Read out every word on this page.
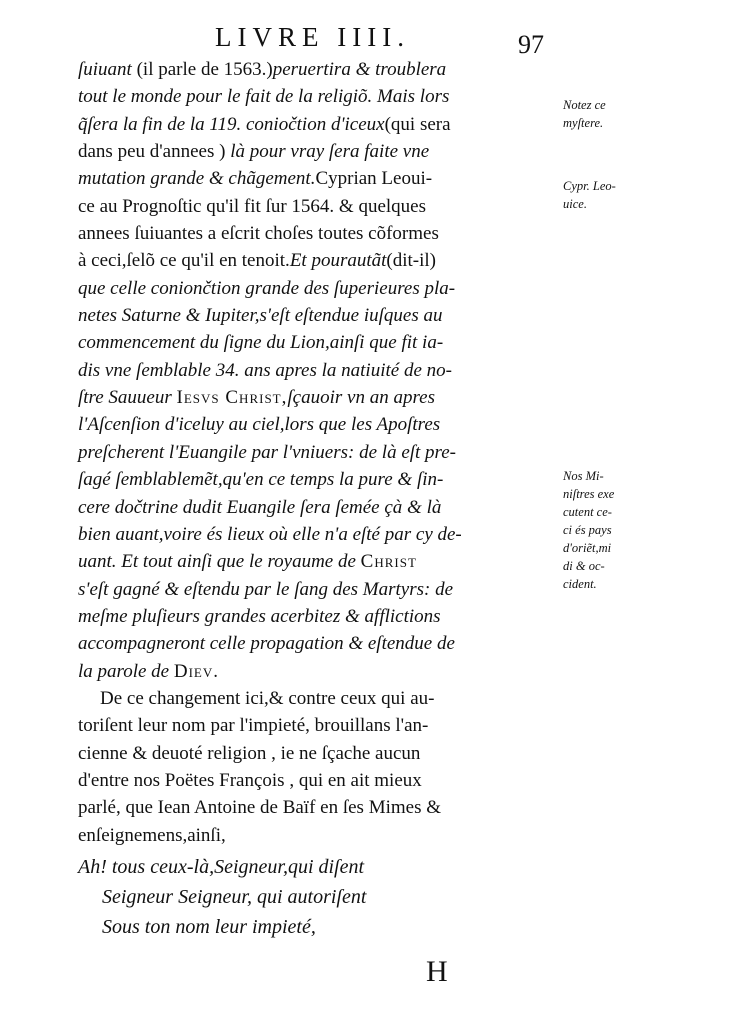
LIVRE IIII.	97
ſuiuant (il parle de 1563.)peruertira & troublera
tout le monde pour le fait de la religiõ. Mais lors
q̃ſera la fin de la 119. coniočtion d'iceux(qui sera
dans peu d'annees ) là pour vray ſera faite vne
mutation grande & chãgement.Cyprian Leoui-
ce au Prognoſtic qu'il fit ſur 1564. & quelques
annees ſuiuantes a eſcrit choſes toutes cõformes
à ceci,ſelõ ce qu'il en tenoit.Et pourautãt(dit-il)
que celle coniončtion grande des ſuperieures pla-
netes Saturne & Iupiter,s'eſt eſtendue iuſques au
commencement du ſigne du Lion,ainſi que fit ia-
dis vne ſemblable 34. ans apres la natiuité de no-
ſtre Sauueur Iesvs Christ,ſçauoir vn an apres
l'Aſcenſion d'iceluy au ciel,lors que les Apoſtres
preſcherent l'Euangile par l'vniuers: de là eſt pre-
ſagé ſemblablemẽt,qu'en ce temps la pure & ſin-
cere dočtrine dudit Euangile ſera ſemée çà & là
bien auant,voire és lieux où elle n'a eſté par cy de-
uant. Et tout ainſi que le royaume de Christ
s'eſt gagné & eſtendu par le ſang des Martyrs: de
meſme pluſieurs grandes acerbitez & afflictions
accompagneront celle propagation & eſtendue de
la parole de Diev.
De ce changement ici,& contre ceux qui au-
toriſent leur nom par l'impieté, brouillans l'an-
cienne & deuoté religion , ie ne ſçache aucun
d'entre nos Poëtes François , qui en ait mieux
parlé, que Iean Antoine de Baïf en ſes Mimes &
enſeignemens,ainſi,
Ah! tous ceux-là,Seigneur,qui diſent
Seigneur Seigneur, qui autoriſent
Sous ton nom leur impieté,
Notez ce
myſtere.
Cypr. Leo-
uice.
Nos Mi-
niſtres exe
cutent ce-
ci és pays
d'oriẽt,mi
di & oc-
cident.
H
